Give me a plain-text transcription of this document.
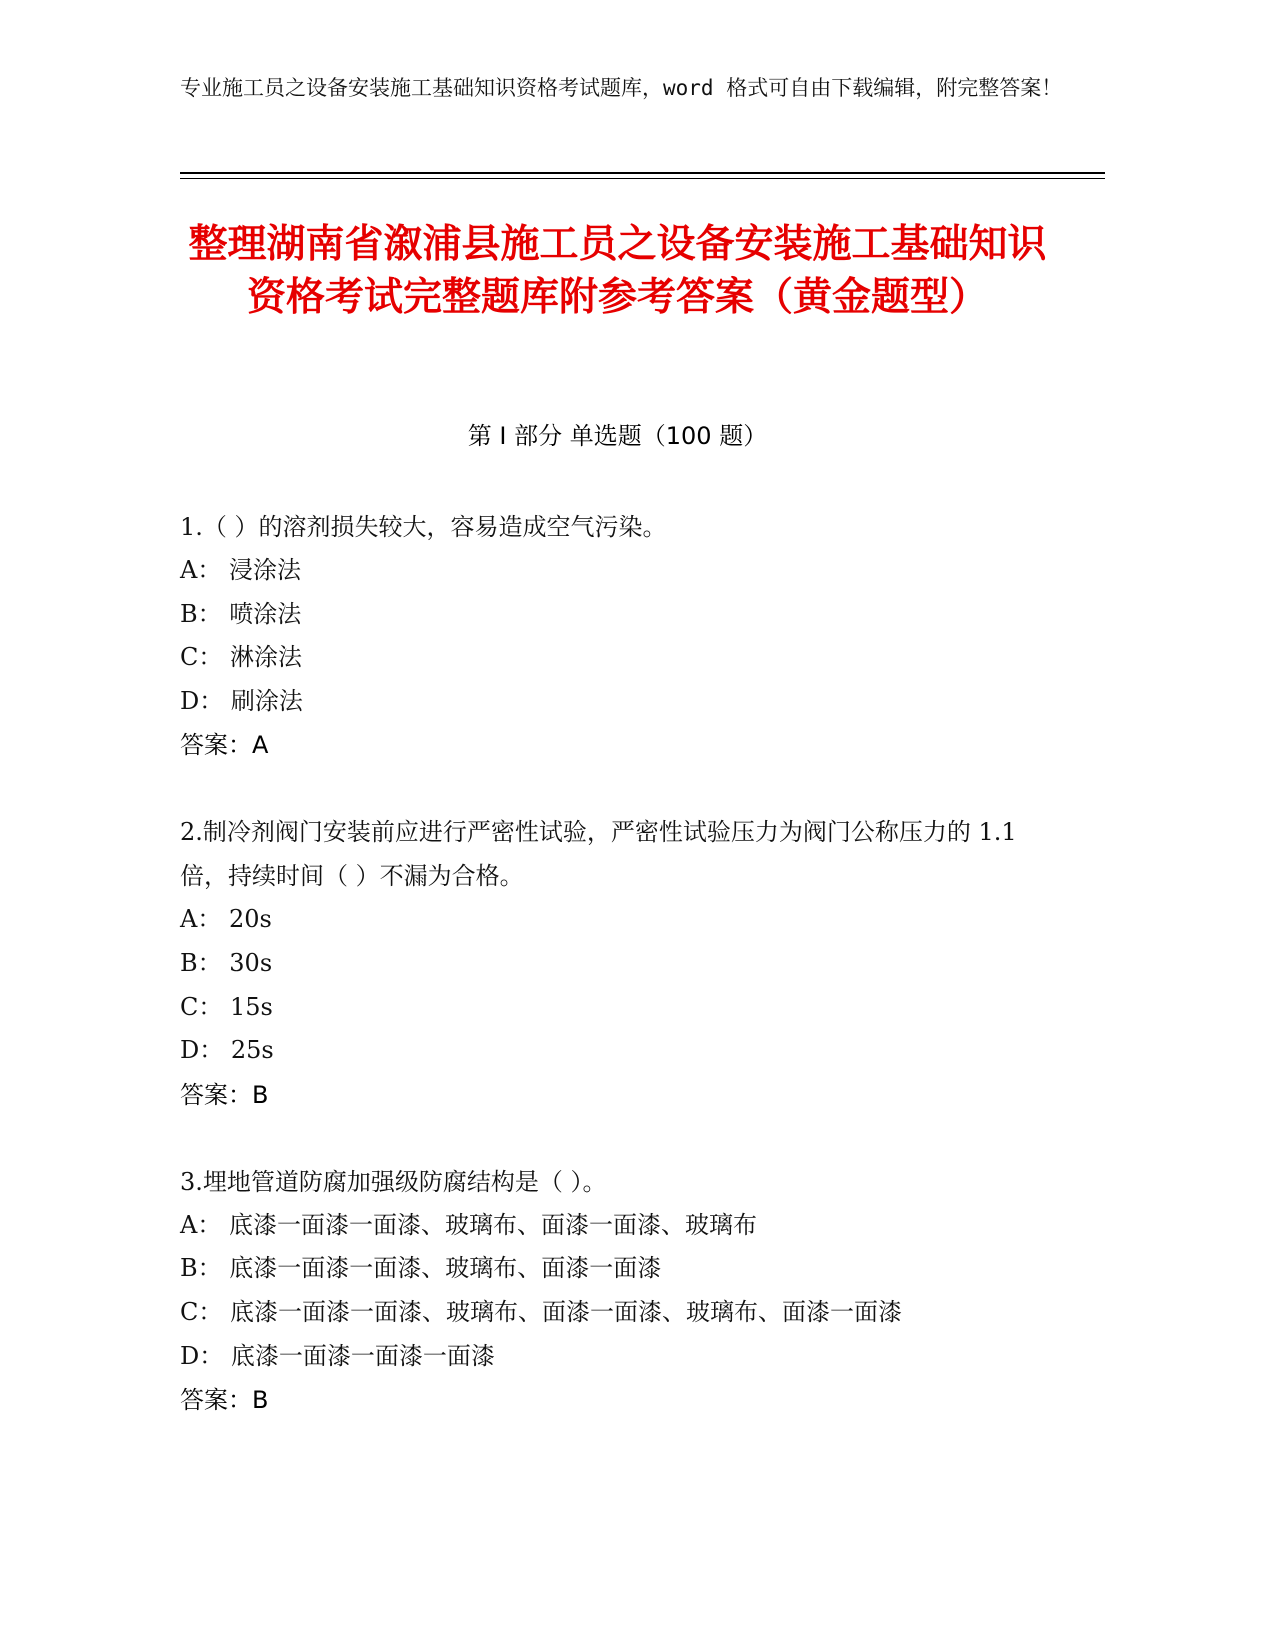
专业施工员之设备安装施工基础知识资格考试题库，word 格式可自由下载编辑，附完整答案！
整理湖南省溆浦县施工员之设备安装施工基础知识资格考试完整题库附参考答案（黄金题型）
第 I 部分 单选题（100 题）
1.（ ）的溶剂损失较大，容易造成空气污染。
A： 浸涂法
B： 喷涂法
C： 淋涂法
D： 刷涂法
答案：A
2.制冷剂阀门安装前应进行严密性试验，严密性试验压力为阀门公称压力的 1.1 倍，持续时间（ ）不漏为合格。
A： 20s
B： 30s
C： 15s
D： 25s
答案：B
3.埋地管道防腐加强级防腐结构是（ ）。
A： 底漆一面漆一面漆、玻璃布、面漆一面漆、玻璃布
B： 底漆一面漆一面漆、玻璃布、面漆一面漆
C： 底漆一面漆一面漆、玻璃布、面漆一面漆、玻璃布、面漆一面漆
D： 底漆一面漆一面漆一面漆
答案：B
